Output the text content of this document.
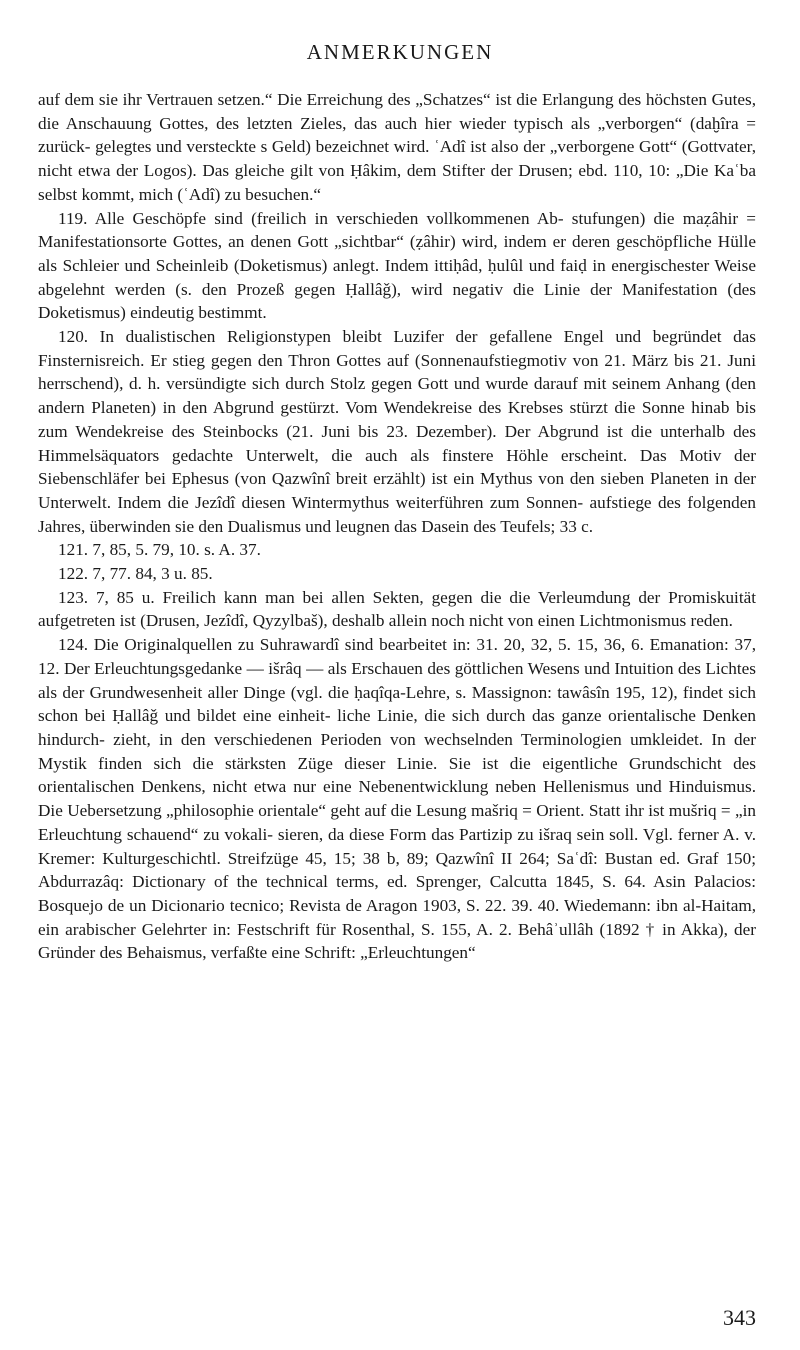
ANMERKUNGEN

auf dem sie ihr Vertrauen setzen.“ Die Erreichung des „Schatzes“ ist die Erlangung des höchsten Gutes, die Anschauung Gottes, des letzten Zieles, das auch hier wieder typisch als „verborgen“ (daḫîra = zurück- gelegtes und versteckte s Geld) bezeichnet wird. ʿAdî ist also der „verborgene Gott“ (Gottvater, nicht etwa der Logos). Das gleiche gilt von Ḥâkim, dem Stifter der Drusen; ebd. 110, 10: „Die Kaʿba selbst kommt, mich (ʿAdî) zu besuchen.“

119. Alle Geschöpfe sind (freilich in verschieden vollkommenen Ab- stufungen) die maẓâhir = Manifestationsorte Gottes, an denen Gott „sichtbar“ (ẓâhir) wird, indem er deren geschöpfliche Hülle als Schleier und Scheinleib (Doketismus) anlegt. Indem ittiḥâd, ḥulûl und faiḍ in energischester Weise abgelehnt werden (s. den Prozeß gegen Ḥallâǧ), wird negativ die Linie der Manifestation (des Doketismus) eindeutig bestimmt.

120. In dualistischen Religionstypen bleibt Luzifer der gefallene Engel und begründet das Finsternisreich. Er stieg gegen den Thron Gottes auf (Sonnenaufstiegmotiv von 21. März bis 21. Juni herrschend), d. h. versündigte sich durch Stolz gegen Gott und wurde darauf mit seinem Anhang (den andern Planeten) in den Abgrund gestürzt. Vom Wendekreise des Krebses stürzt die Sonne hinab bis zum Wendekreise des Steinbocks (21. Juni bis 23. Dezember). Der Abgrund ist die unterhalb des Himmelsäquators gedachte Unterwelt, die auch als finstere Höhle erscheint. Das Motiv der Siebenschläfer bei Ephesus (von Qazwînî breit erzählt) ist ein Mythus von den sieben Planeten in der Unterwelt. Indem die Jezîdî diesen Wintermythus weiterführen zum Sonnen- aufstiege des folgenden Jahres, überwinden sie den Dualismus und leugnen das Dasein des Teufels; 33 c.

121. 7, 85, 5. 79, 10. s. A. 37.

122. 7, 77. 84, 3 u. 85.

123. 7, 85 u. Freilich kann man bei allen Sekten, gegen die die Verleumdung der Promiskuität aufgetreten ist (Drusen, Jezîdî, Qyzylbaš), deshalb allein noch nicht von einen Lichtmonismus reden.

124. Die Originalquellen zu Suhrawardî sind bearbeitet in: 31. 20, 32, 5. 15, 36, 6. Emanation: 37, 12. Der Erleuchtungsgedanke — išrâq — als Erschauen des göttlichen Wesens und Intuition des Lichtes als der Grundwesenheit aller Dinge (vgl. die ḥaqîqa-Lehre, s. Massignon: tawâsîn 195, 12), findet sich schon bei Ḥallâǧ und bildet eine einheit- liche Linie, die sich durch das ganze orientalische Denken hindurch- zieht, in den verschiedenen Perioden von wechselnden Terminologien umkleidet. In der Mystik finden sich die stärksten Züge dieser Linie. Sie ist die eigentliche Grundschicht des orientalischen Denkens, nicht etwa nur eine Nebenentwicklung neben Hellenismus und Hinduismus. Die Uebersetzung „philosophie orientale“ geht auf die Lesung mašriq = Orient. Statt ihr ist mušriq = „in Erleuchtung schauend“ zu vokali- sieren, da diese Form das Partizip zu išraq sein soll. Vgl. ferner A. v. Kremer: Kulturgeschichtl. Streifzüge 45, 15; 38 b, 89; Qazwînî II 264; Saʿdî: Bustan ed. Graf 150; Abdurrazâq: Dictionary of the technical terms, ed. Sprenger, Calcutta 1845, S. 64. Asin Palacios: Bosquejo de un Dicionario tecnico; Revista de Aragon 1903, S. 22. 39. 40. Wiedemann: ibn al-Haitam, ein arabischer Gelehrter in: Festschrift für Rosenthal, S. 155, A. 2. Behâʾullâh (1892 † in Akka), der Gründer des Behaismus, verfaßte eine Schrift: „Erleuchtungen“

343
